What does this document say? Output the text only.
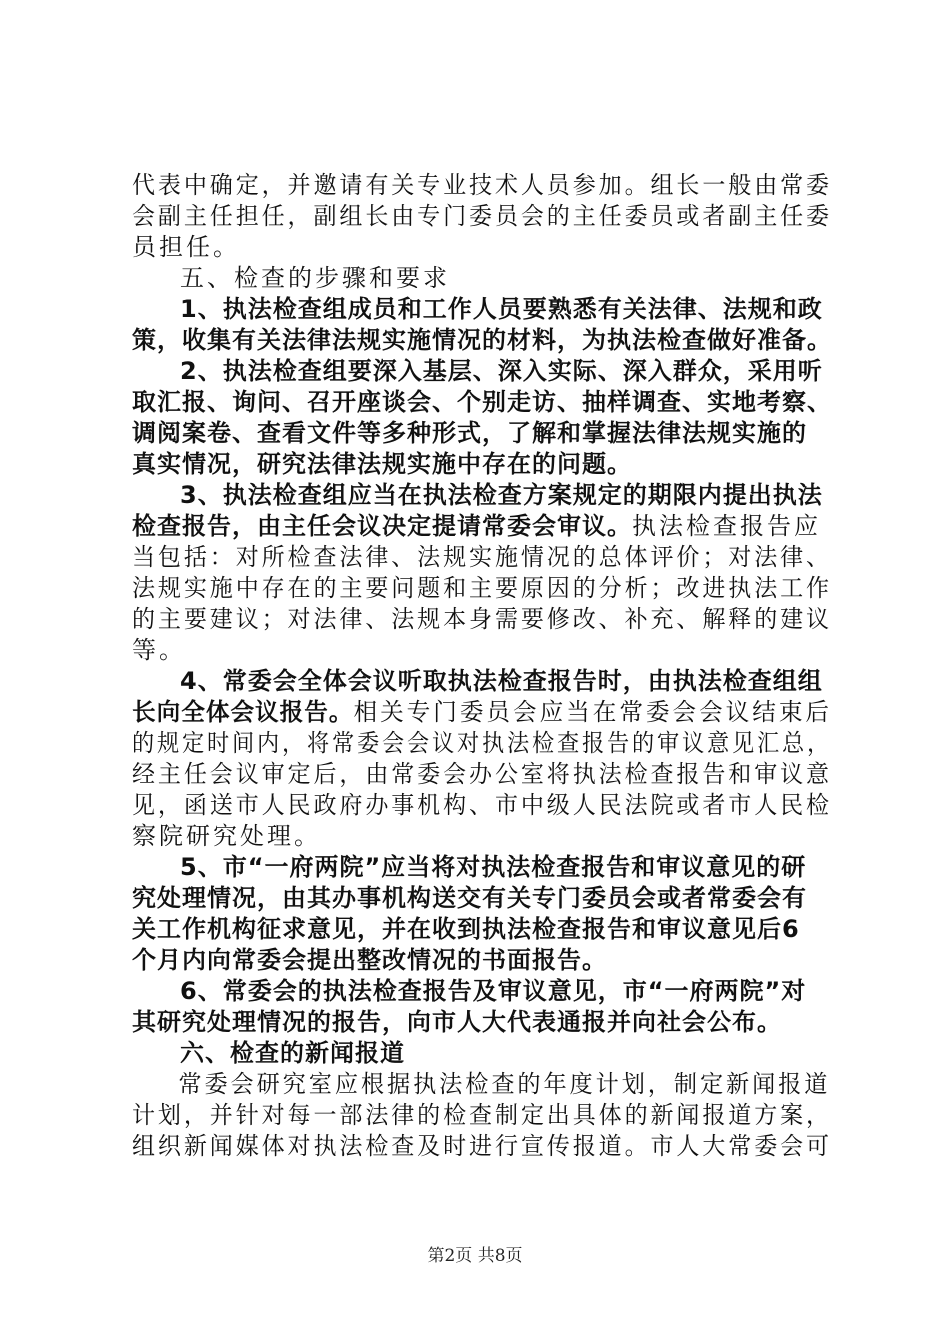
代表中确定，并邀请有关专业技术人员参加。组长一般由常委
会副主任担任，副组长由专门委员会的主任委员或者副主任委
员担任。
五、检查的步骤和要求
1、执法检查组成员和工作人员要熟悉有关法律、法规和政
策，收集有关法律法规实施情况的材料，为执法检查做好准备。
2、执法检查组要深入基层、深入实际、深入群众，采用听
取汇报、询问、召开座谈会、个别走访、抽样调查、实地考察、
调阅案卷、查看文件等多种形式，了解和掌握法律法规实施的
真实情况，研究法律法规实施中存在的问题。
3、执法检查组应当在执法检查方案规定的期限内提出执法
检查报告，由主任会议决定提请常委会审议。执法检查报告应
当包括：对所检查法律、法规实施情况的总体评价；对法律、
法规实施中存在的主要问题和主要原因的分析；改进执法工作
的主要建议；对法律、法规本身需要修改、补充、解释的建议
等。
4、常委会全体会议听取执法检查报告时，由执法检查组组
长向全体会议报告。相关专门委员会应当在常委会会议结束后
的规定时间内，将常委会会议对执法检查报告的审议意见汇总，
经主任会议审定后，由常委会办公室将执法检查报告和审议意
见，函送市人民政府办事机构、市中级人民法院或者市人民检
察院研究处理。
5、市“一府两院”应当将对执法检查报告和审议意见的研
究处理情况，由其办事机构送交有关专门委员会或者常委会有
关工作机构征求意见，并在收到执法检查报告和审议意见后6
个月内向常委会提出整改情况的书面报告。
6、常委会的执法检查报告及审议意见，市“一府两院”对
其研究处理情况的报告，向市人大代表通报并向社会公布。
六、检查的新闻报道
常委会研究室应根据执法检查的年度计划，制定新闻报道
计划，并针对每一部法律的检查制定出具体的新闻报道方案，
组织新闻媒体对执法检查及时进行宣传报道。市人大常委会可
第2页 共8页
